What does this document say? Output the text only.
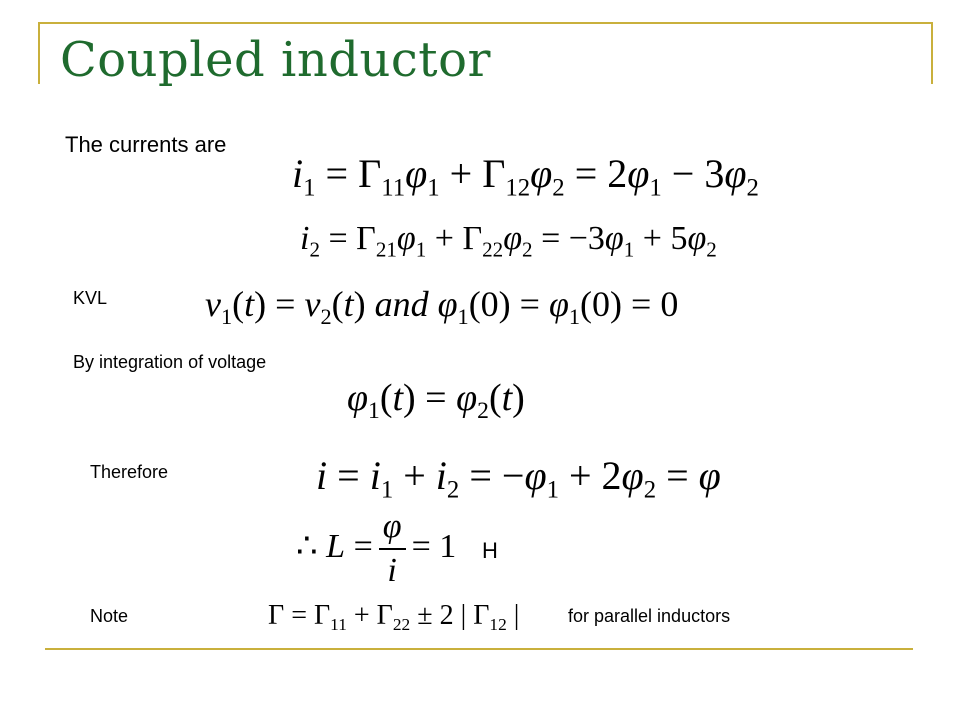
Coupled inductor
The currents are
$i_1 = \Gamma_{11}\varphi_1 + \Gamma_{12}\varphi_2 = 2\varphi_1 - 3\varphi_2$
$i_2 = \Gamma_{21}\varphi_1 + \Gamma_{22}\varphi_2 = -3\varphi_1 + 5\varphi_2$
KVL	$v_1(t) = v_2(t)$ and $\varphi_1(0) = \varphi_1(0) = 0$
By integration of voltage
$\varphi_1(t) = \varphi_2(t)$
Therefore	$i = i_1 + i_2 = -\varphi_1 + 2\varphi_2 = \varphi$
∴ $L = \frac{\varphi}{i} = 1$ H
Note	$\Gamma = \Gamma_{11} + \Gamma_{22} \pm 2$ | $\Gamma_{12}$ |	for parallel inductors
